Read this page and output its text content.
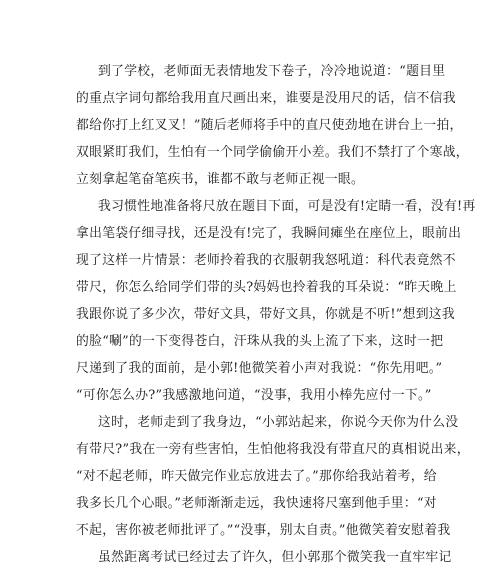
到了学校，老师面无表情地发下卷子，冷冷地说道：“题目里
的重点字词句都给我用直尺画出来，谁要是没用尺的话，信不信我
都给你打上红叉叉！”随后老师将手中的直尺使劲地在讲台上一拍，
双眼紧盯我们，生怕有一个同学偷偷开小差。我们不禁打了个寒战，
立刻拿起笔奋笔疾书，谁都不敢与老师正视一眼。
我习惯性地准备将尺放在题目下面，可是没有!定睛一看，没有!再
拿出笔袋仔细寻找，还是没有!完了，我瞬间瘫坐在座位上，眼前出
现了这样一片情景：老师拎着我的衣服朝我怒吼道：科代表竟然不
带尺，你怎么给同学们带的头?妈妈也拎着我的耳朵说：“昨天晚上
我跟你说了多少次，带好文具，带好文具，你就是不听!”想到这我
的脸“唰”的一下变得苍白，汗珠从我的头上流了下来，这时一把
尺递到了我的面前，是小郭!他微笑着小声对我说：“你先用吧。”
“可你怎么办?”我感激地问道，“没事，我用小棒先应付一下。”
这时，老师走到了我身边，“小郭站起来，你说今天你为什么没
有带尺?”我在一旁有些害怕，生怕他将我没有带直尺的真相说出来，
“对不起老师，昨天做完作业忘放进去了。”那你给我站着考，给
我多长几个心眼。”老师渐渐走远，我快速将尺塞到他手里：“对
不起，害你被老师批评了。”“没事，别太自责。”他微笑着安慰着我
虽然距离考试已经过去了许久，但小郭那个微笑我一直牢牢记
